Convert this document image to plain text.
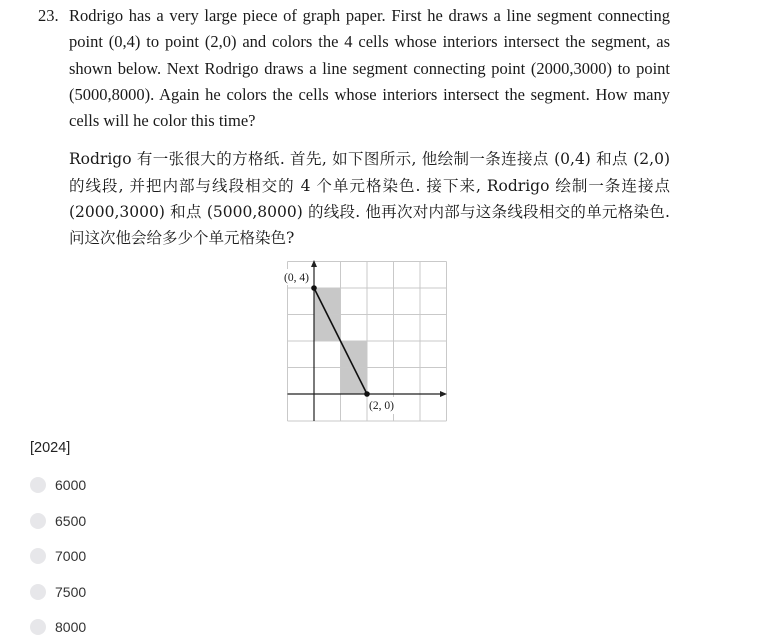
23. Rodrigo has a very large piece of graph paper. First he draws a line segment connecting point (0,4) to point (2,0) and colors the 4 cells whose interiors intersect the segment, as shown below. Next Rodrigo draws a line segment connecting point (2000,3000) to point (5000,8000). Again he colors the cells whose interiors intersect the segment. How many cells will he color this time?
Rodrigo 有一张很大的方格纸. 首先, 如下图所示, 他绘制一条连接点 (0,4) 和点 (2,0) 的线段, 并把内部与线段相交的 4 个单元格染色. 接下来, Rodrigo 绘制一条连接点 (2000,3000) 和点 (5000,8000) 的线段. 他再次对内部与这条线段相交的单元格染色. 问这次他会给多少个单元格染色?
(0, 4)
(2, 0)
[2024]
6000
6500
7000
7500
8000
